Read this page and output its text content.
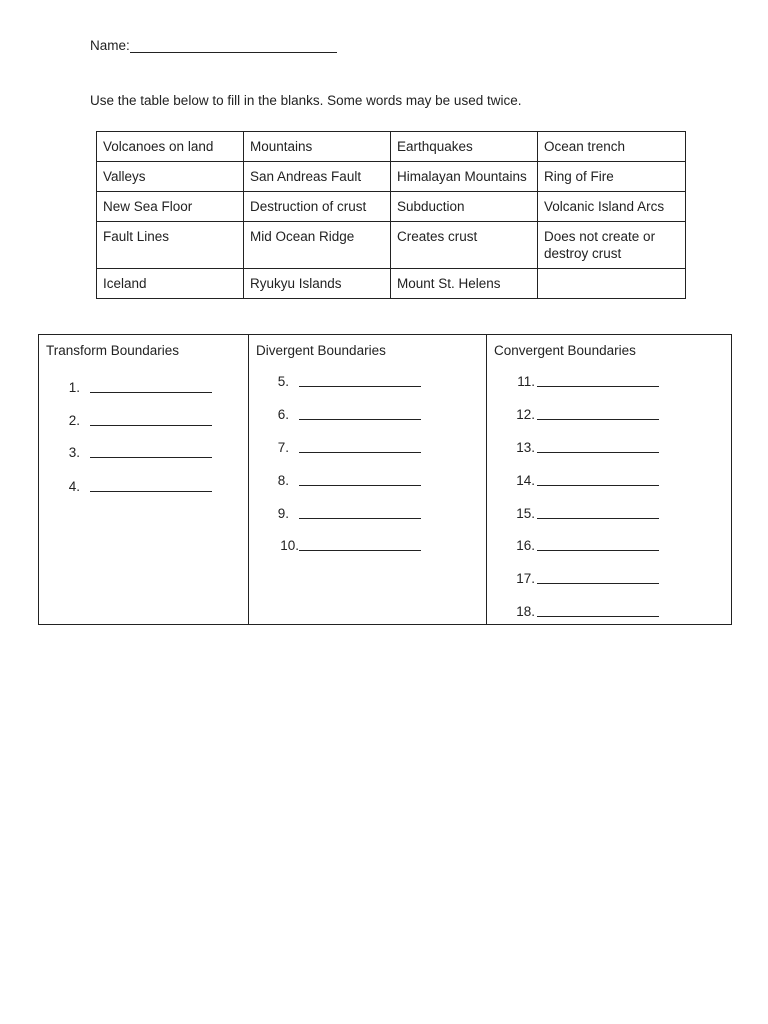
Name:
Use the table below to fill in the blanks. Some words may be used twice.
Volcanoes on land	Mountains	Earthquakes	Ocean trench
Valleys	San Andreas Fault	Himalayan Mountains	Ring of Fire
New Sea Floor	Destruction of crust	Subduction	Volcanic Island Arcs
Fault Lines	Mid Ocean Ridge	Creates crust	Does not create or destroy crust
Iceland	Ryukyu Islands	Mount St. Helens	
Transform Boundaries
1.
2.
3.
4.
Divergent Boundaries
5.
6.
7.
8.
9.
10.
Convergent Boundaries
11.
12.
13.
14.
15.
16.
17.
18.
